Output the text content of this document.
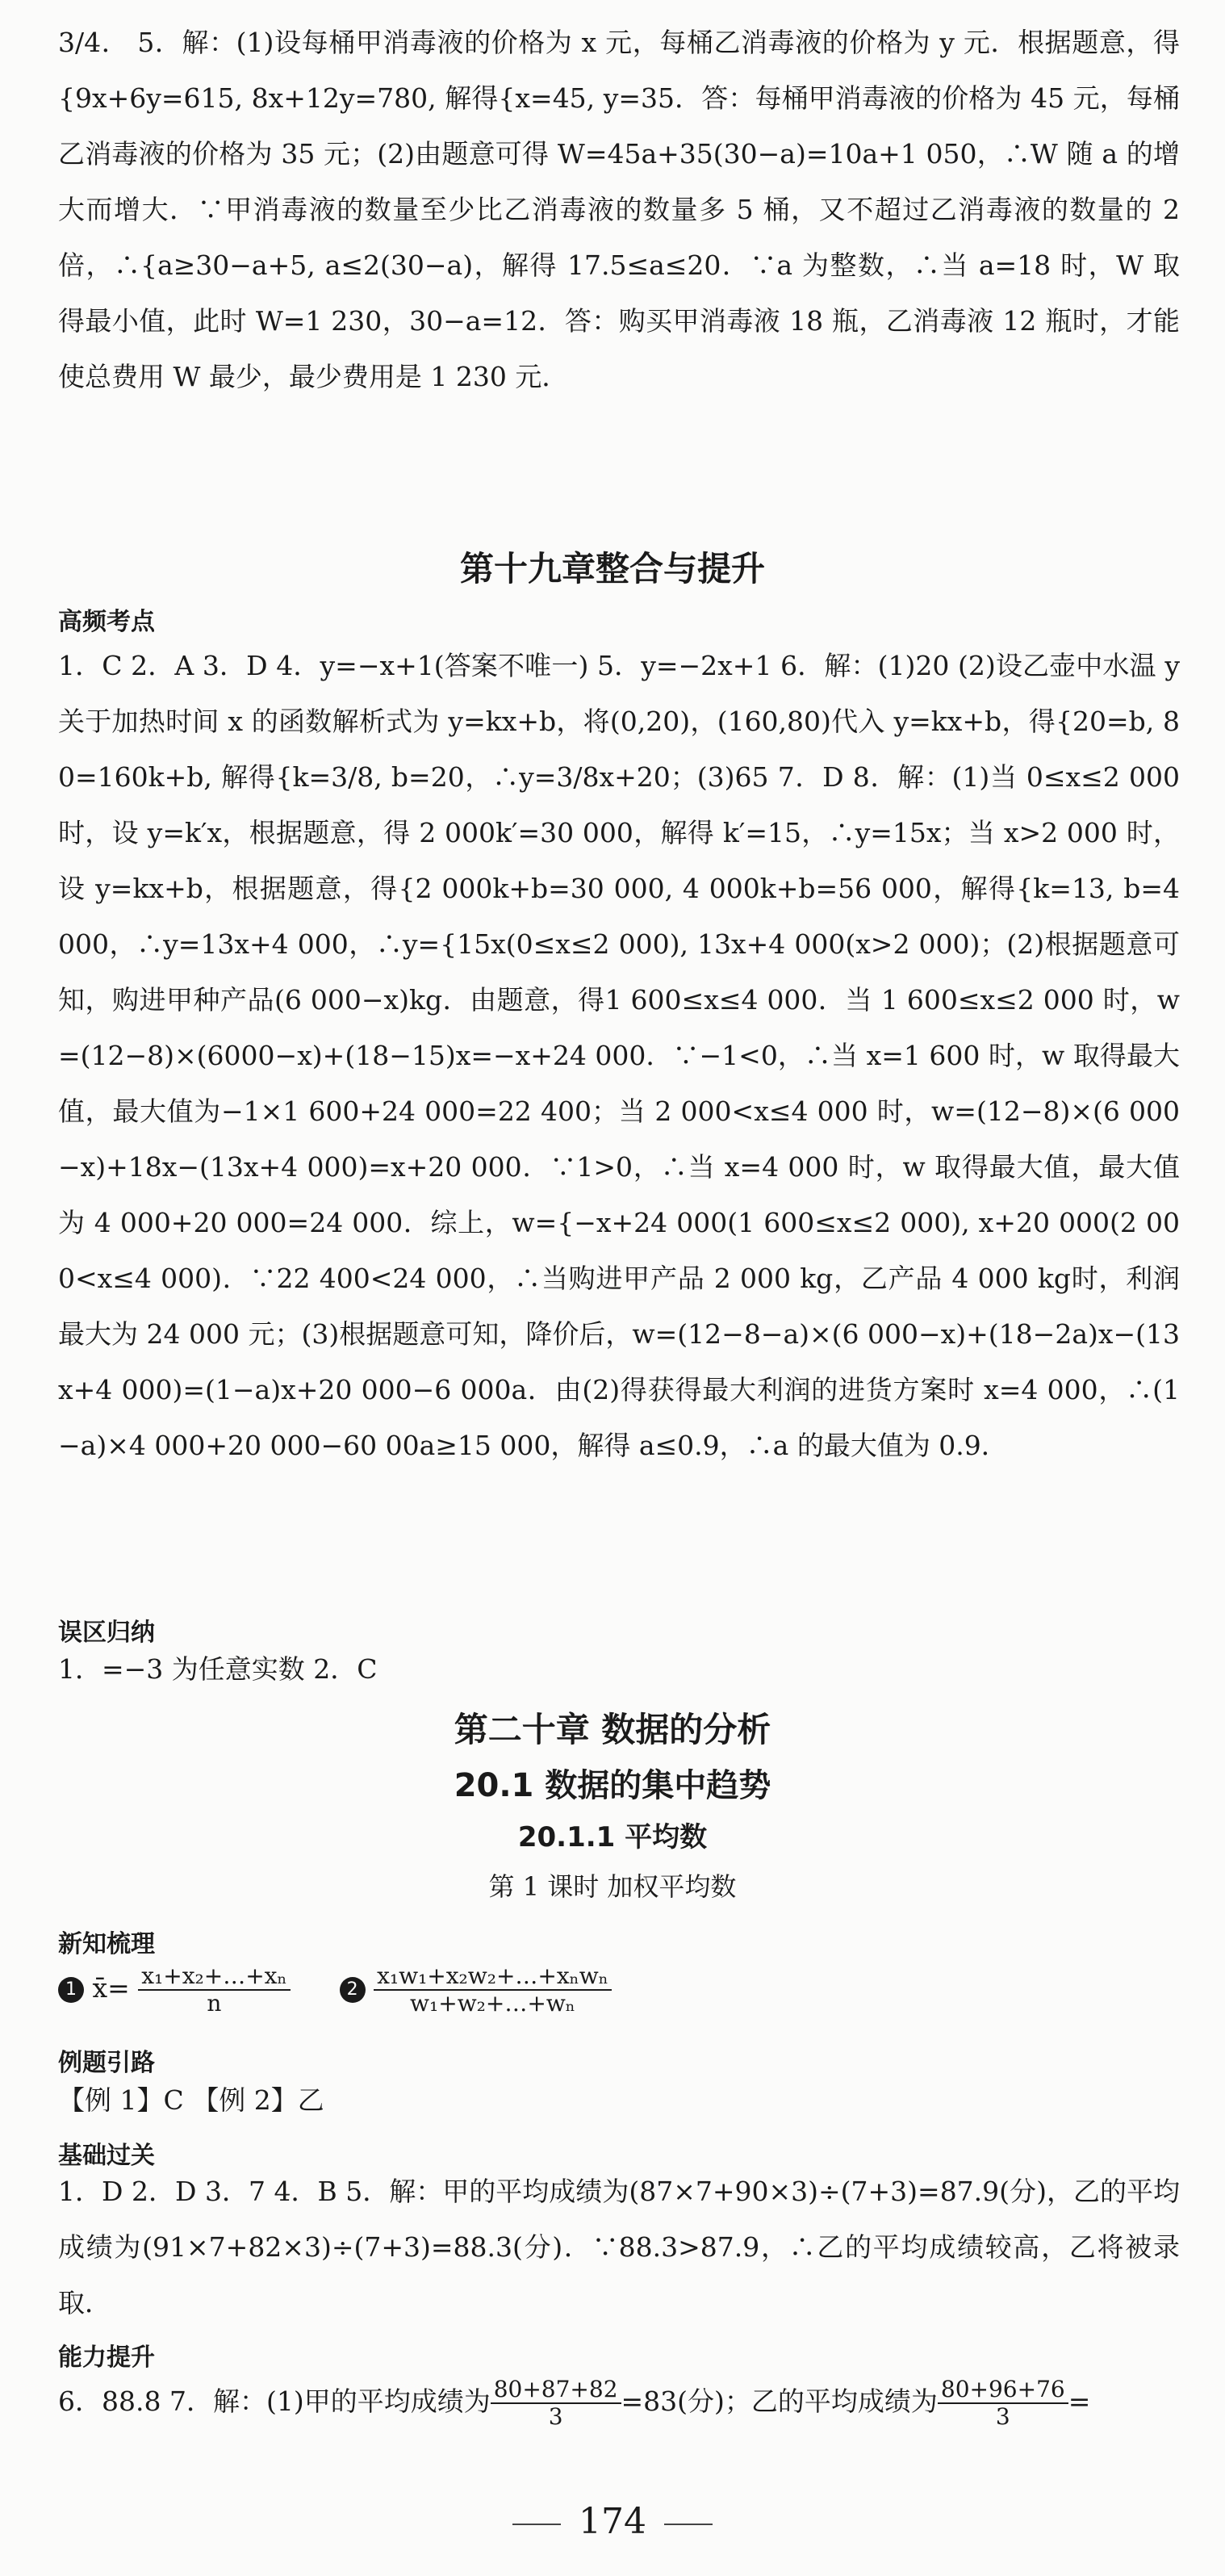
3/4． 5．解：(1)设每桶甲消毒液的价格为 x 元，每桶乙消毒液的价格为 y 元．根据题意，得{9x+6y=615, 8x+12y=780, 解得{x=45, y=35．答：每桶甲消毒液的价格为 45 元，每桶乙消毒液的价格为 35 元；(2)由题意可得 W=45a+35(30−a)=10a+1 050，∴W 随 a 的增大而增大．∵甲消毒液的数量至少比乙消毒液的数量多 5 桶，又不超过乙消毒液的数量的 2 倍，∴{a≥30−a+5, a≤2(30−a)，解得 17.5≤a≤20．∵a 为整数，∴当 a=18 时，W 取得最小值，此时 W=1 230，30−a=12．答：购买甲消毒液 18 瓶，乙消毒液 12 瓶时，才能使总费用 W 最少，最少费用是 1 230 元．
第十九章整合与提升
高频考点
1．C 2．A 3．D 4．y=−x+1(答案不唯一) 5．y=−2x+1 6．解：(1)20 (2)设乙壶中水温 y 关于加热时间 x 的函数解析式为 y=kx+b，将(0,20)，(160,80)代入 y=kx+b，得{20=b, 80=160k+b, 解得{k=3/8, b=20，∴y=3/8x+20；(3)65 7．D 8．解：(1)当 0≤x≤2 000 时，设 y=k′x，根据题意，得 2 000k′=30 000，解得 k′=15，∴y=15x；当 x>2 000 时，设 y=kx+b，根据题意，得{2 000k+b=30 000, 4 000k+b=56 000，解得{k=13, b=4 000，∴y=13x+4 000，∴y={15x(0≤x≤2 000), 13x+4 000(x>2 000)；(2)根据题意可知，购进甲种产品(6 000−x)kg．由题意，得1 600≤x≤4 000．当 1 600≤x≤2 000 时，w=(12−8)×(6000−x)+(18−15)x=−x+24 000．∵−1<0，∴当 x=1 600 时，w 取得最大值，最大值为−1×1 600+24 000=22 400；当 2 000<x≤4 000 时，w=(12−8)×(6 000−x)+18x−(13x+4 000)=x+20 000．∵1>0，∴当 x=4 000 时，w 取得最大值，最大值为 4 000+20 000=24 000．综上，w={−x+24 000(1 600≤x≤2 000), x+20 000(2 000<x≤4 000)．∵22 400<24 000，∴当购进甲产品 2 000 kg，乙产品 4 000 kg时，利润最大为 24 000 元；(3)根据题意可知，降价后，w=(12−8−a)×(6 000−x)+(18−2a)x−(13x+4 000)=(1−a)x+20 000−6 000a．由(2)得获得最大利润的进货方案时 x=4 000，∴(1−a)×4 000+20 000−60 00a≥15 000，解得 a≤0.9，∴a 的最大值为 0.9．
误区归纳
1．=−3 为任意实数 2．C
第二十章 数据的分析
20.1 数据的集中趋势
20.1.1 平均数
第 1 课时 加权平均数
新知梳理
1 x̄= $\frac{\text{x₁+x₂+…+xₙ}}{n}$	$2 \frac{\text{x₁w₁+x₂w₂+…+xₙwₙ}}{\text{w₁+w₂+…+wₙ}}$
例题引路
【例 1】C 【例 2】乙
基础过关
1．D 2．D 3．7 4．B 5．解：甲的平均成绩为(87×7+90×3)÷(7+3)=87.9(分)，乙的平均成绩为(91×7+82×3)÷(7+3)=88.3(分)．∵88.3>87.9，∴乙的平均成绩较高，乙将被录取．
能力提升
6．88.8 7．解：(1)甲的平均成绩为 $\frac{80+87+82}{3} =83$(分)；乙的平均成绩为 $\frac{80+96+76}{3}$ =
174
